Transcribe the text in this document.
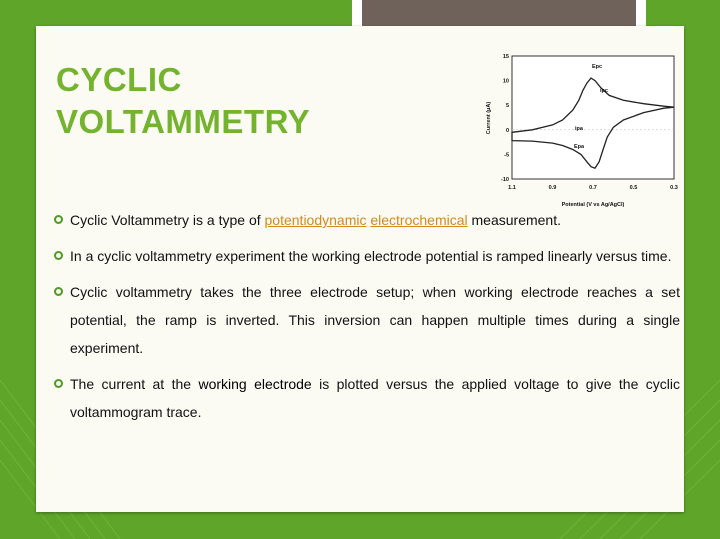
CYCLIC
VOLTAMMETRY
15
10
5
0
-5
-10
1.1	0.9	0.7	0.5	0.3
Epc
ipc
ipa
Epa
Potential (V vs Ag/AgCl)
Current (μA)
Cyclic Voltammetry is a type of potentiodynamic electrochemical measurement.
In a cyclic voltammetry experiment the working electrode potential is ramped linearly versus time.
Cyclic voltammetry takes the three electrode setup; when working electrode reaches a set potential, the ramp is inverted. This inversion can happen multiple times during a single experiment.
The current at the working electrode is plotted versus the applied voltage to give the cyclic voltammogram trace.
